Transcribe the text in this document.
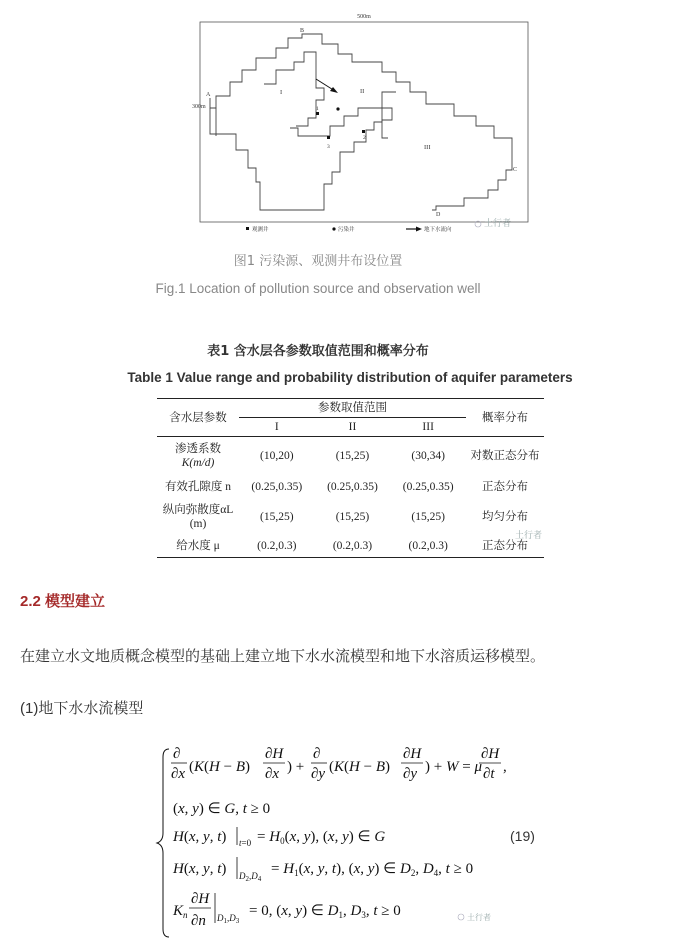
500m
300m
A
B
C
D
I	II
III
1
2
3
观测井	污染井	地下水流向
土行者
图1 污染源、观测井布设位置
Fig.1 Location of pollution source and observation well
表1 含水层各参数取值范围和概率分布
Table 1 Value range and probability distribution of aquifer parameters
含水层参数	参数取值范围			概率分布
	I	II	III	

渗透系数
K(m/d)	(10,20)	(15,25)	(30,34)	对数正态分布
有效孔隙度 n	(0.25,0.35)	(0.25,0.35)	(0.25,0.35)	正态分布

纵向弥散度αL
(m)	(15,25)	(15,25)	(15,25)	均匀分布
给水度 μ	(0.2,0.3)	(0.2,0.3)	(0.2,0.3)	正态分布
土行者
2.2 模型建立
在建立水文地质概念模型的基础上建立地下水水流模型和地下水溶质运移模型。
(1)地下水水流模型
∂
∂x (K(H − B)
∂H
∂x ) +
∂
∂y (K(H − B)
∂H
∂y ) + W = μ
∂H
∂t ,
(x, y) ∈ G, t ≥ 0
H(x, y, t) $t=0 = H_0(x$, y), (x, y) ∈ G	(19)
H(x, y, t) $D_2,D_4$
= $H_1(x$, y, t), (x, y) ∈ $D_2$, $D_4$, t ≥ 0
$K_n$
∂H
∂n⃗ $D_1,D_3$
= 0, (x, y) ∈ $D_1$, $D_3$, t ≥ 0	土行者
